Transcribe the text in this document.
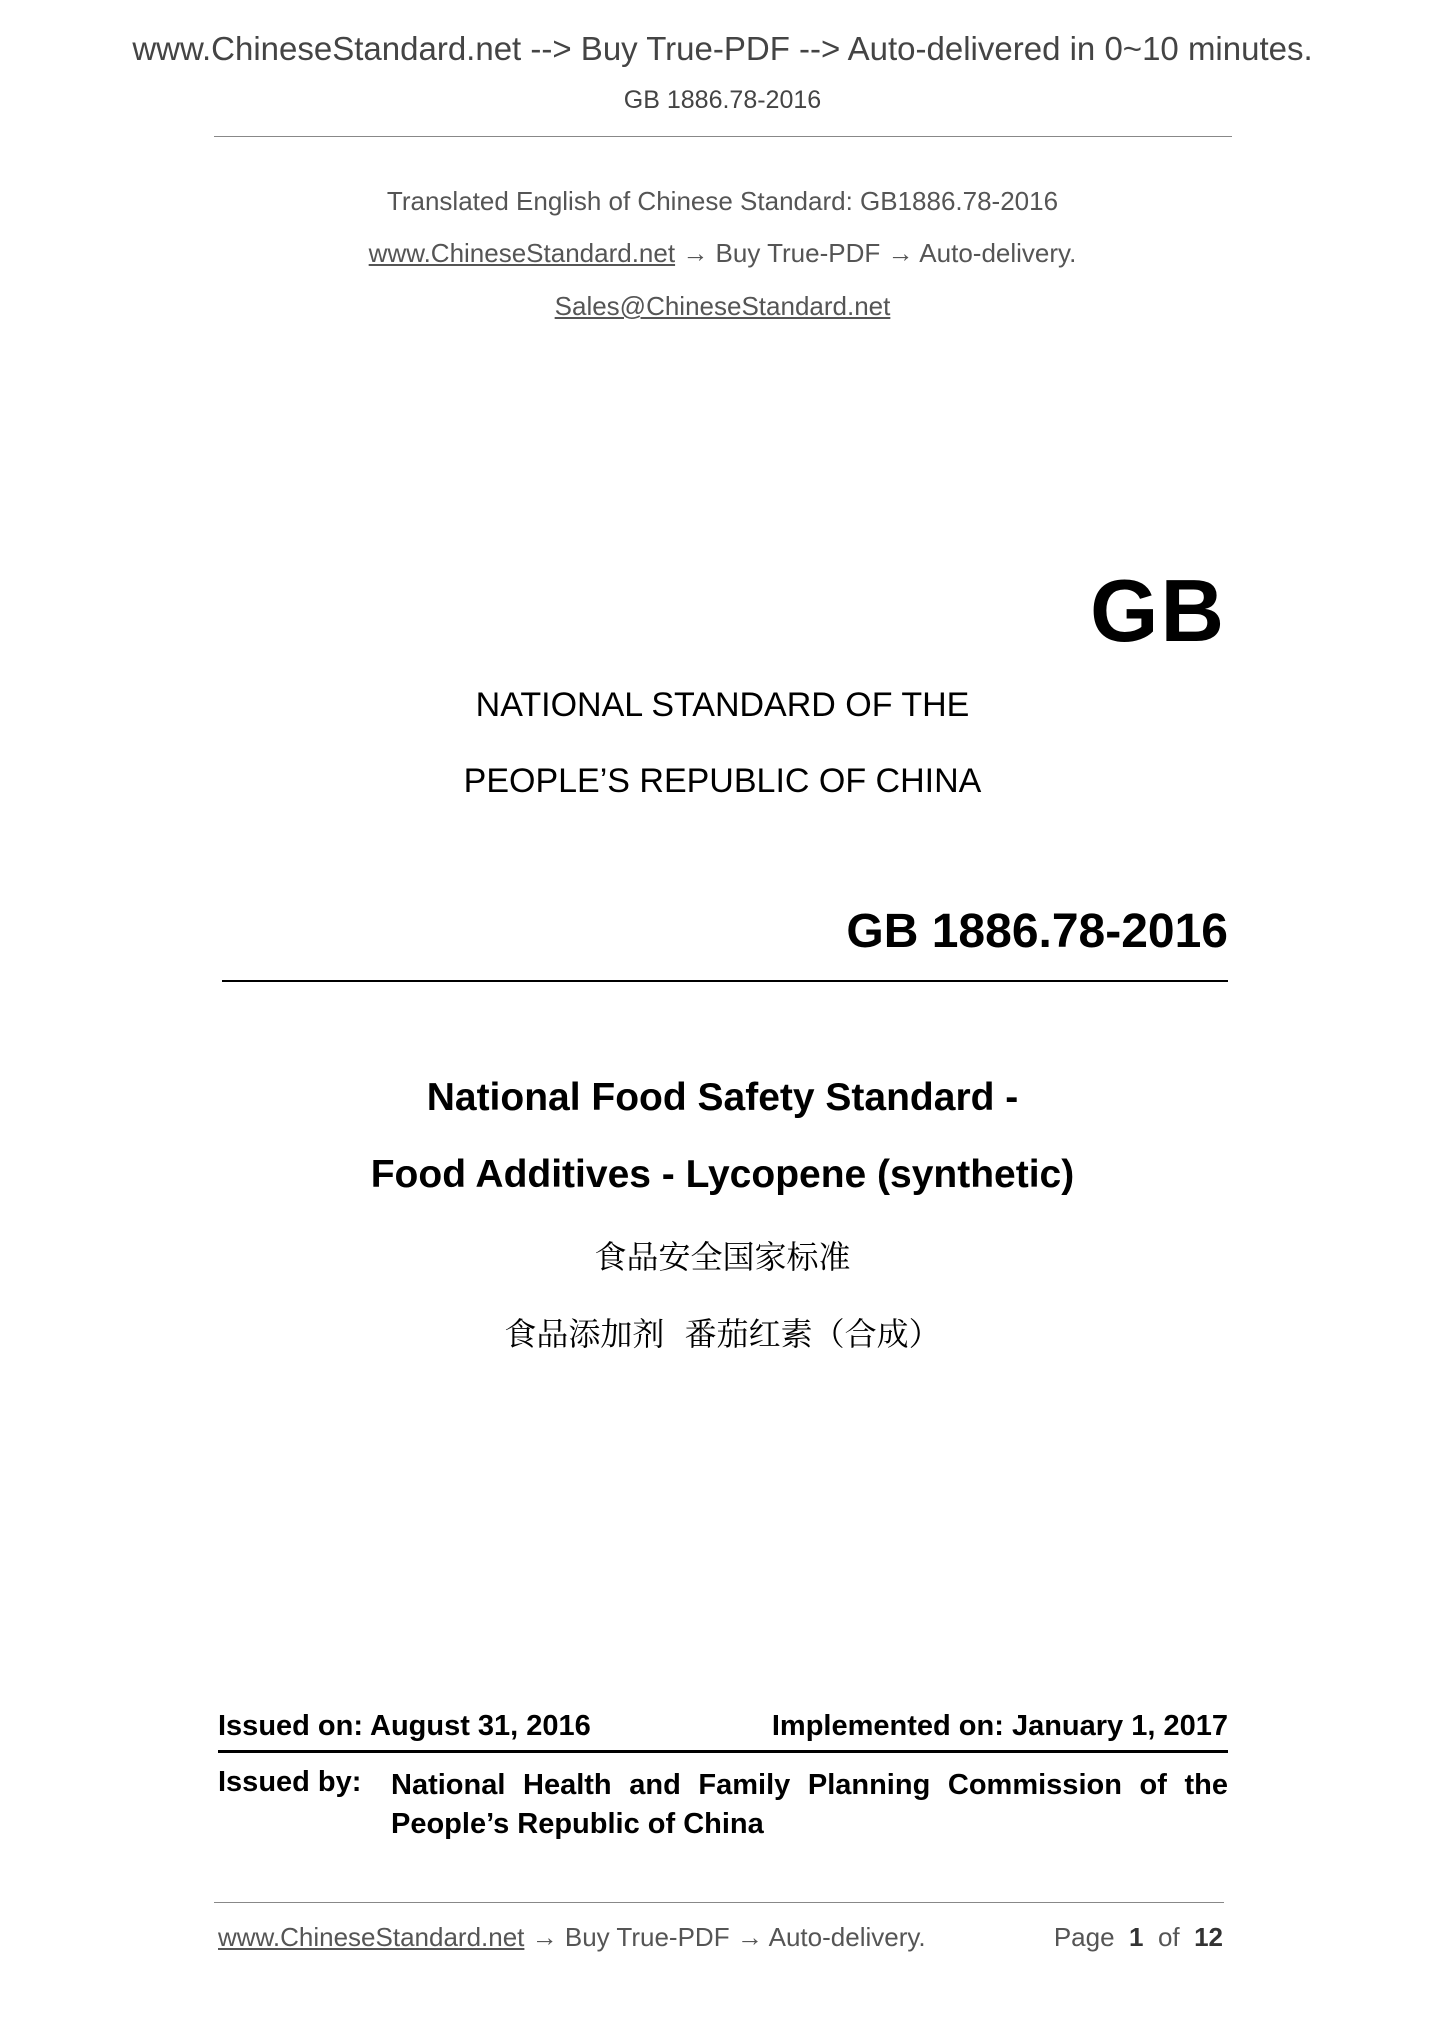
www.ChineseStandard.net --> Buy True-PDF --> Auto-delivered in 0~10 minutes.
GB 1886.78-2016
Translated English of Chinese Standard: GB1886.78-2016
www.ChineseStandard.net → Buy True-PDF → Auto-delivery.
Sales@ChineseStandard.net
GB
NATIONAL STANDARD OF THE
PEOPLE’S REPUBLIC OF CHINA
GB 1886.78-2016
National Food Safety Standard -
Food Additives - Lycopene (synthetic)
食品安全国家标准
食品添加剂  番茄红素（合成）
Issued on: August 31, 2016	Implemented on: January 1, 2017
Issued by: National Health and Family Planning Commission of the People’s Republic of China
www.ChineseStandard.net → Buy True-PDF → Auto-delivery.	Page 1 of 12
